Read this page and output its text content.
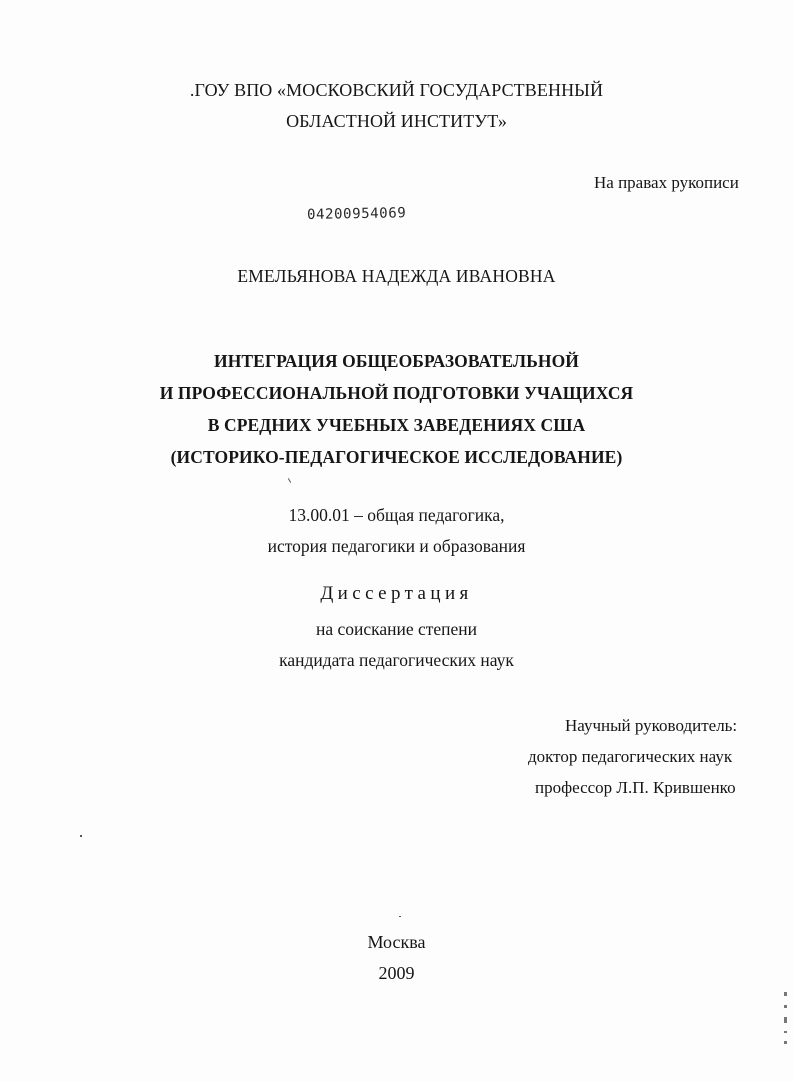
.ГОУ ВПО «МОСКОВСКИЙ ГОСУДАРСТВЕННЫЙ
ОБЛАСТНОЙ ИНСТИТУТ»
На правах рукописи
04200954069
ЕМЕЛЬЯНОВА НАДЕЖДА ИВАНОВНА
ИНТЕГРАЦИЯ ОБЩЕОБРАЗОВАТЕЛЬНОЙ
И ПРОФЕССИОНАЛЬНОЙ ПОДГОТОВКИ УЧАЩИХСЯ
В СРЕДНИХ УЧЕБНЫХ ЗАВЕДЕНИЯХ США
(ИСТОРИКО-ПЕДАГОГИЧЕСКОЕ ИССЛЕДОВАНИЕ)
13.00.01 – общая педагогика,
история педагогики и образования
Диссертация
на соискание степени
кандидата педагогических наук
Научный руководитель:
доктор педагогических наук
профессор Л.П. Крившенко
Москва
2009
